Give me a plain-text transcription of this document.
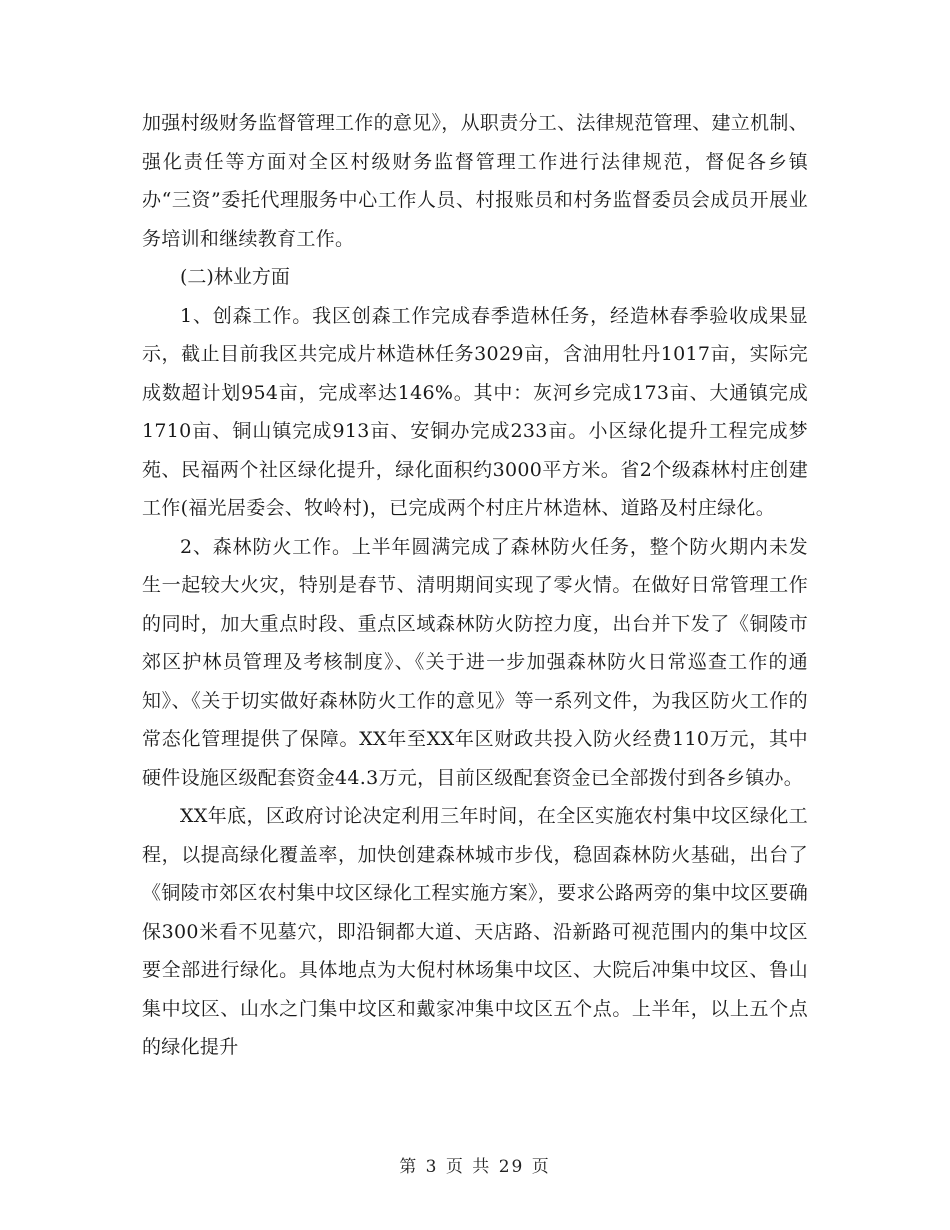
加强村级财务监督管理工作的意见》，从职责分工、法律规范管理、建立机制、强化责任等方面对全区村级财务监督管理工作进行法律规范，督促各乡镇办“三资”委托代理服务中心工作人员、村报账员和村务监督委员会成员开展业务培训和继续教育工作。

(二)林业方面

1、创森工作。我区创森工作完成春季造林任务，经造林春季验收成果显示，截止目前我区共完成片林造林任务3029亩，含油用牡丹1017亩，实际完成数超计划954亩，完成率达146%。其中：灰河乡完成173亩、大通镇完成1710亩、铜山镇完成913亩、安铜办完成233亩。小区绿化提升工程完成梦苑、民福两个社区绿化提升，绿化面积约3000平方米。省2个级森林村庄创建工作(福光居委会、牧岭村)，已完成两个村庄片林造林、道路及村庄绿化。

2、森林防火工作。上半年圆满完成了森林防火任务，整个防火期内未发生一起较大火灾，特别是春节、清明期间实现了零火情。在做好日常管理工作的同时，加大重点时段、重点区域森林防火防控力度，出台并下发了《铜陵市郊区护林员管理及考核制度》、《关于进一步加强森林防火日常巡查工作的通知》、《关于切实做好森林防火工作的意见》等一系列文件，为我区防火工作的常态化管理提供了保障。XX年至XX年区财政共投入防火经费110万元，其中硬件设施区级配套资金44.3万元，目前区级配套资金已全部拨付到各乡镇办。

XX年底，区政府讨论决定利用三年时间，在全区实施农村集中坟区绿化工程，以提高绿化覆盖率，加快创建森林城市步伐，稳固森林防火基础，出台了《铜陵市郊区农村集中坟区绿化工程实施方案》，要求公路两旁的集中坟区要确保300米看不见墓穴，即沿铜都大道、天店路、沿新路可视范围内的集中坟区要全部进行绿化。具体地点为大倪村林场集中坟区、大院后冲集中坟区、鲁山集中坟区、山水之门集中坟区和戴家冲集中坟区五个点。上半年，以上五个点的绿化提升

第 3 页 共 29 页
